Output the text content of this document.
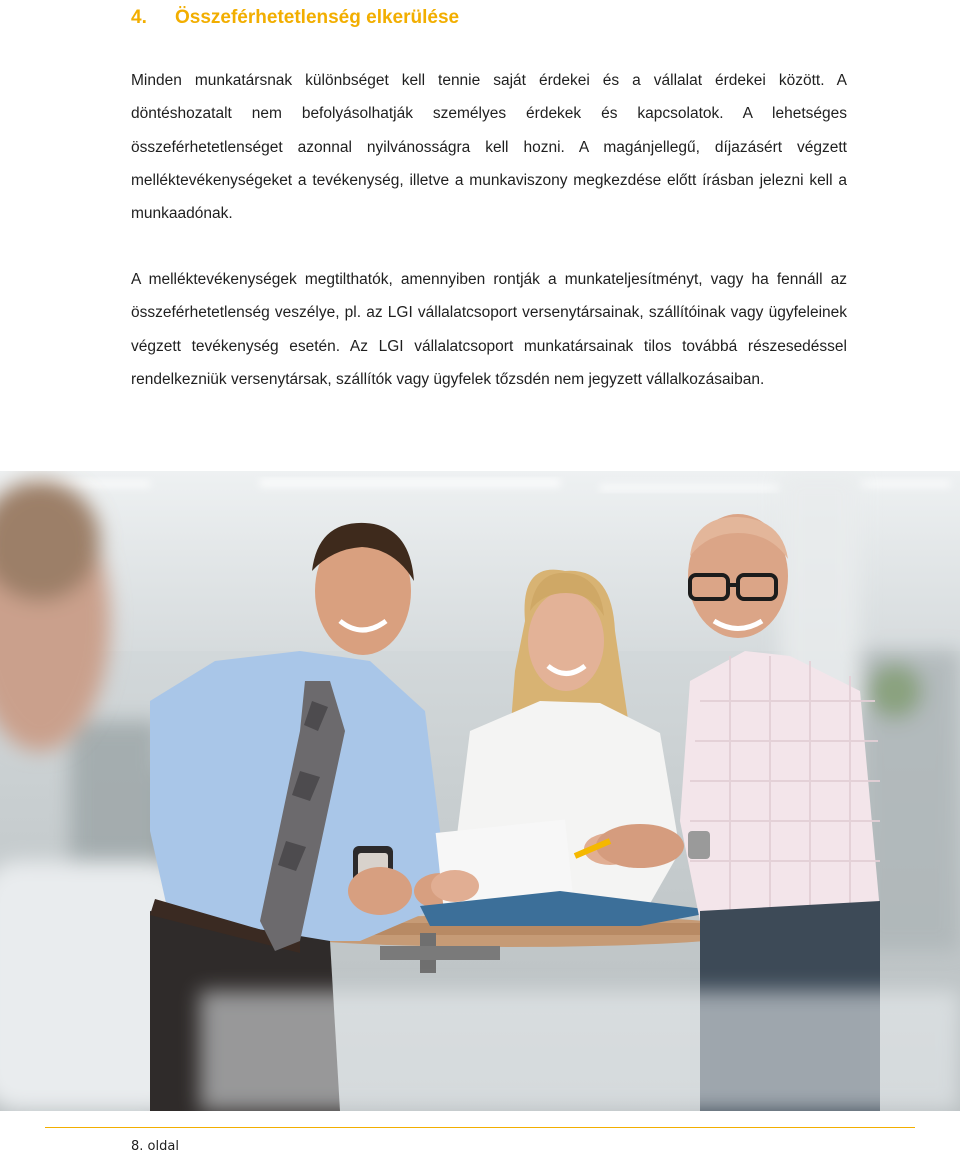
4. Összeférhetetlenség elkerülése

Minden munkatársnak különbséget kell tennie saját érdekei és a vállalat érdekei között. A döntéshozatalt nem befolyásolhatják személyes érdekek és kapcsolatok. A lehetséges összeférhetetlenséget azonnal nyilvánosságra kell hozni. A magánjellegű, díjazásért végzett melléktevékenységeket a tevékenység, illetve a munkaviszony megkezdése előtt írásban jelezni kell a munkaadónak.

A melléktevékenységek megtilthatók, amennyiben rontják a munkateljesítményt, vagy ha fennáll az összeférhetetlenség veszélye, pl. az LGI vállalatcsoport versenytársainak, szállítóinak vagy ügyfeleinek végzett tevékenység esetén. Az LGI vállalatcsoport munkatársainak tilos továbbá részesedéssel rendelkezniük versenytársak, szállítók vagy ügyfelek tőzsdén nem jegyzett vállalkozásaiban.

8. oldal
